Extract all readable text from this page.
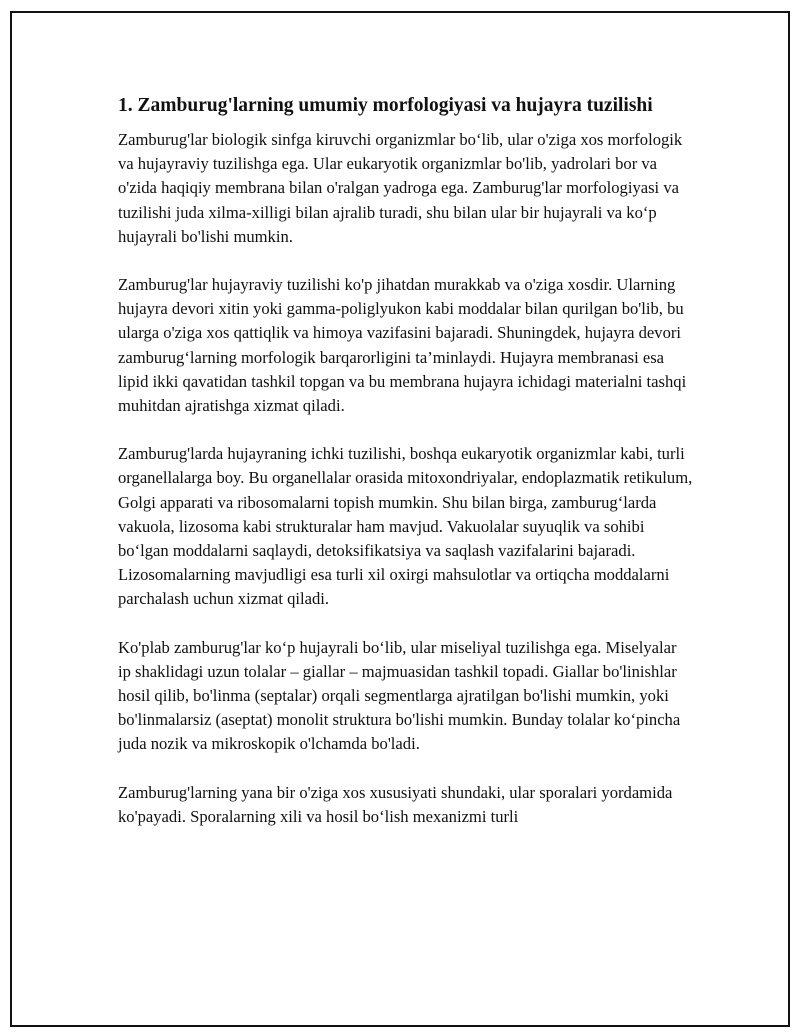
1. Zamburug'larning umumiy morfologiyasi va hujayra tuzilishi

Zamburug'lar biologik sinfga kiruvchi organizmlar bo‘lib, ular o'ziga xos morfologik va hujayraviy tuzilishga ega. Ular eukaryotik organizmlar bo'lib, yadrolari bor va o'zida haqiqiy membrana bilan o'ralgan yadroga ega. Zamburug'lar morfologiyasi va tuzilishi juda xilma-xilligi bilan ajralib turadi, shu bilan ular bir hujayrali va ko‘p hujayrali bo'lishi mumkin.

Zamburug'lar hujayraviy tuzilishi ko'p jihatdan murakkab va o'ziga xosdir. Ularning hujayra devori xitin yoki gamma-poliglyukon kabi moddalar bilan qurilgan bo'lib, bu ularga o'ziga xos qattiqlik va himoya vazifasini bajaradi. Shuningdek, hujayra devori zamburug‘larning morfologik barqarorligini ta’minlaydi. Hujayra membranasi esa lipid ikki qavatidan tashkil topgan va bu membrana hujayra ichidagi materialni tashqi muhitdan ajratishga xizmat qiladi.

Zamburug'larda hujayraning ichki tuzilishi, boshqa eukaryotik organizmlar kabi, turli organellalarga boy. Bu organellalar orasida mitoxondriyalar, endoplazmatik retikulum, Golgi apparati va ribosomalarni topish mumkin. Shu bilan birga, zamburug‘larda vakuola, lizosoma kabi strukturalar ham mavjud. Vakuolalar suyuqlik va sohibi bo‘lgan moddalarni saqlaydi, detoksifikatsiya va saqlash vazifalarini bajaradi. Lizosomalarning mavjudligi esa turli xil oxirgi mahsulotlar va ortiqcha moddalarni parchalash uchun xizmat qiladi.

Ko'plab zamburug'lar ko‘p hujayrali bo‘lib, ular miseliyal tuzilishga ega. Miselyalar ip shaklidagi uzun tolalar – giallar – majmuasidan tashkil topadi. Giallar bo'linishlar hosil qilib, bo'linma (septalar) orqali segmentlarga ajratilgan bo'lishi mumkin, yoki bo'linmalarsiz (aseptat) monolit struktura bo'lishi mumkin. Bunday tolalar ko‘pincha juda nozik va mikroskopik o'lchamda bo'ladi.

Zamburug'larning yana bir o'ziga xos xususiyati shundaki, ular sporalari yordamida ko'payadi. Sporalarning xili va hosil bo‘lish mexanizmi turli
